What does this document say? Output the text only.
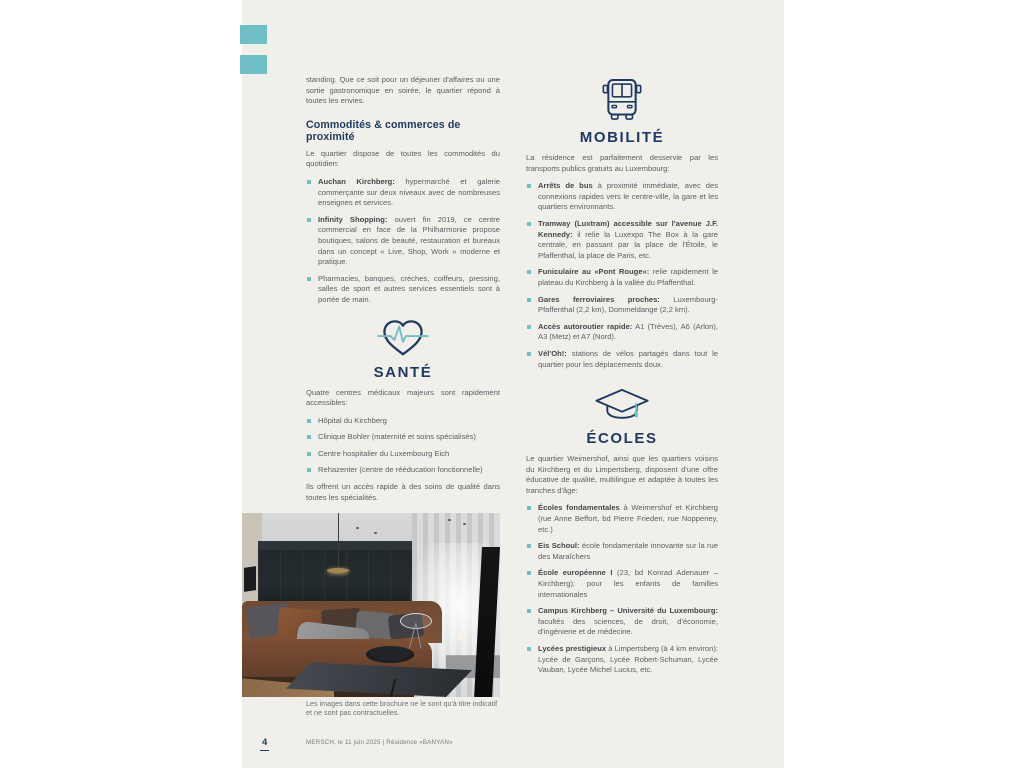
standing. Que ce soit pour un déjeuner d'affaires ou une sortie gastronomique en soirée, le quartier répond à toutes les envies.

Commodités & commerces de proximité

Le quartier dispose de toutes les commodités du quotidien:

Auchan Kirchberg: hypermarché et galerie commerçante sur deux niveaux avec de nombreuses enseignes et services.
Infinity Shopping: ouvert fin 2019, ce centre commercial en face de la Philharmonie propose boutiques, salons de beauté, restauration et bureaux dans un concept « Live, Shop, Work » moderne et pratique.
Pharmacies, banques, crèches, coiffeurs, pressing, salles de sport et autres services essentiels sont à portée de main.
SANTÉ

Quatre centres médicaux majeurs sont rapidement accessibles:

Hôpital du Kirchberg
Clinique Bohler (maternité et soins spécialisés)
Centre hospitalier du Luxembourg Eich
Rehazenter (centre de rééducation fonctionnelle)

Ils offrent un accès rapide à des soins de qualité dans toutes les spécialités.

Les images dans cette brochure ne le sont qu'à titre indicatif et ne sont pas contractuelles.

MOBILITÉ

La résidence est parfaitement desservie par les transports publics gratuits au Luxembourg:

Arrêts de bus à proximité immédiate, avec des connexions rapides vers le centre-ville, la gare et les quartiers environnants.
Tramway (Luxtram) accessible sur l'avenue J.F. Kennedy: il relie la Luxexpo The Box à la gare centrale, en passant par la place de l'Étoile, le Pfaffenthal, la place de Paris, etc.
Funiculaire au «Pont Rouge»: relie rapidement le plateau du Kirchberg à la vallée du Pfaffenthal.
Gares ferroviaires proches: Luxembourg-Pfaffenthal (2,2 km), Dommeldange (2,2 km).
Accès autoroutier rapide: A1 (Trèves), A6 (Arlon), A3 (Metz) et A7 (Nord).
Vél'Oh!: stations de vélos partagés dans tout le quartier pour les déplacements doux.
ÉCOLES

Le quartier Weimershof, ainsi que les quartiers voisins du Kirchberg et du Limpertsberg, disposent d'une offre éducative de qualité, multilingue et adaptée à toutes les tranches d'âge:

Écoles fondamentales à Weimershof et Kirchberg (rue Anne Beffort, bd Pierre Frieden, rue Noppeney, etc.)
Eis Schoul: école fondamentale innovante sur la rue des Maraîchers
École européenne I (23, bd Konrad Adenauer – Kirchberg): pour les enfants de familles internationales
Campus Kirchberg – Université du Luxembourg: facultés des sciences, de droit, d'économie, d'ingénierie et de médecine.
Lycées prestigieux à Limpertsberg (à 4 km environ): Lycée de Garçons, Lycée Robert-Schuman, Lycée Vauban, Lycée Michel Lucius, etc.
4	MERSCH, le 11 juin 2025 | Résidence «BANYAN»
